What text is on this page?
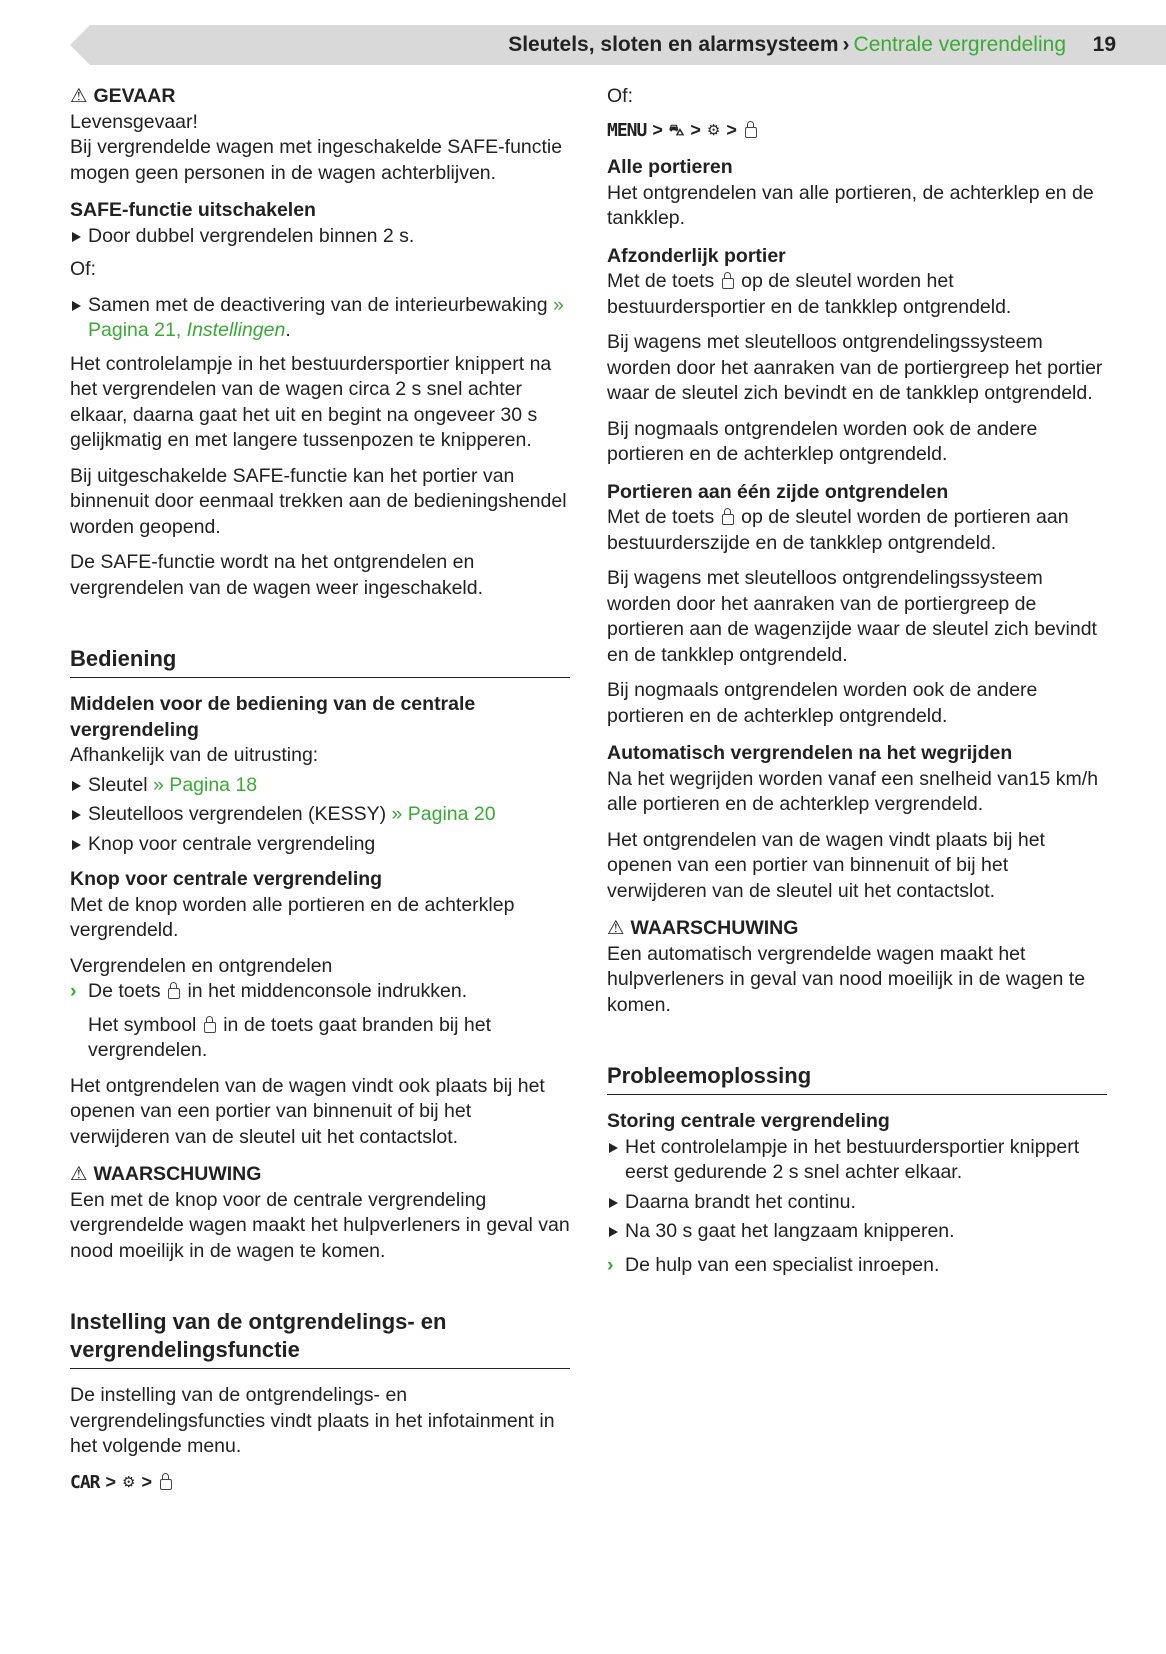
Sleutels, sloten en alarmsysteem › Centrale vergrendeling 19

⚠ GEVAAR

Levensgevaar!

Bij vergrendelde wagen met ingeschakelde SAFE-functie mogen geen personen in de wagen achterblijven.

SAFE-functie uitschakelen

Door dubbel vergrendelen binnen 2 s.

Of:

Samen met de deactivering van de interieurbewaking » Pagina 21, Instellingen.

Het controlelampje in het bestuurdersportier knippert na het vergrendelen van de wagen circa 2 s snel achter elkaar, daarna gaat het uit en begint na ongeveer 30 s gelijkmatig en met langere tussenpozen te knipperen.

Bij uitgeschakelde SAFE-functie kan het portier van binnenuit door eenmaal trekken aan de bedieningshendel worden geopend.

De SAFE-functie wordt na het ontgrendelen en vergrendelen van de wagen weer ingeschakeld.

Bediening

Middelen voor de bediening van de centrale vergrendeling

Afhankelijk van de uitrusting:

Sleutel » Pagina 18

Sleutelloos vergrendelen (KESSY) » Pagina 20

Knop voor centrale vergrendeling

Knop voor centrale vergrendeling

Met de knop worden alle portieren en de achterklep vergrendeld.

Vergrendelen en ontgrendelen

› De toets in het middenconsole indrukken.

Het symbool in de toets gaat branden bij het vergrendelen.

Het ontgrendelen van de wagen vindt ook plaats bij het openen van een portier van binnenuit of bij het verwijderen van de sleutel uit het contactslot.

⚠ WAARSCHUWING

Een met de knop voor de centrale vergrendeling vergrendelde wagen maakt het hulpverleners in geval van nood moeilijk in de wagen te komen.

Instelling van de ontgrendelings- en vergrendelingsfunctie

De instelling van de ontgrendelings- en vergrendelingsfuncties vindt plaats in het infotainment in het volgende menu.

CAR > ⚙ >

Of:

MENU > ⛍ > ⚙ >

Alle portieren

Het ontgrendelen van alle portieren, de achterklep en de tankklep.

Afzonderlijk portier

Met de toets op de sleutel worden het bestuurdersportier en de tankklep ontgrendeld.

Bij wagens met sleutelloos ontgrendelingssysteem worden door het aanraken van de portiergreep het portier waar de sleutel zich bevindt en de tankklep ontgrendeld.

Bij nogmaals ontgrendelen worden ook de andere portieren en de achterklep ontgrendeld.

Portieren aan één zijde ontgrendelen

Met de toets op de sleutel worden de portieren aan bestuurderszijde en de tankklep ontgrendeld.

Bij wagens met sleutelloos ontgrendelingssysteem worden door het aanraken van de portiergreep de portieren aan de wagenzijde waar de sleutel zich bevindt en de tankklep ontgrendeld.

Bij nogmaals ontgrendelen worden ook de andere portieren en de achterklep ontgrendeld.

Automatisch vergrendelen na het wegrijden

Na het wegrijden worden vanaf een snelheid van15 km/h alle portieren en de achterklep vergrendeld.

Het ontgrendelen van de wagen vindt plaats bij het openen van een portier van binnenuit of bij het verwijderen van de sleutel uit het contactslot.

⚠ WAARSCHUWING

Een automatisch vergrendelde wagen maakt het hulpverleners in geval van nood moeilijk in de wagen te komen.

Probleemoplossing

Storing centrale vergrendeling

Het controlelampje in het bestuurdersportier knippert eerst gedurende 2 s snel achter elkaar.

Daarna brandt het continu.

Na 30 s gaat het langzaam knipperen.

› De hulp van een specialist inroepen.
